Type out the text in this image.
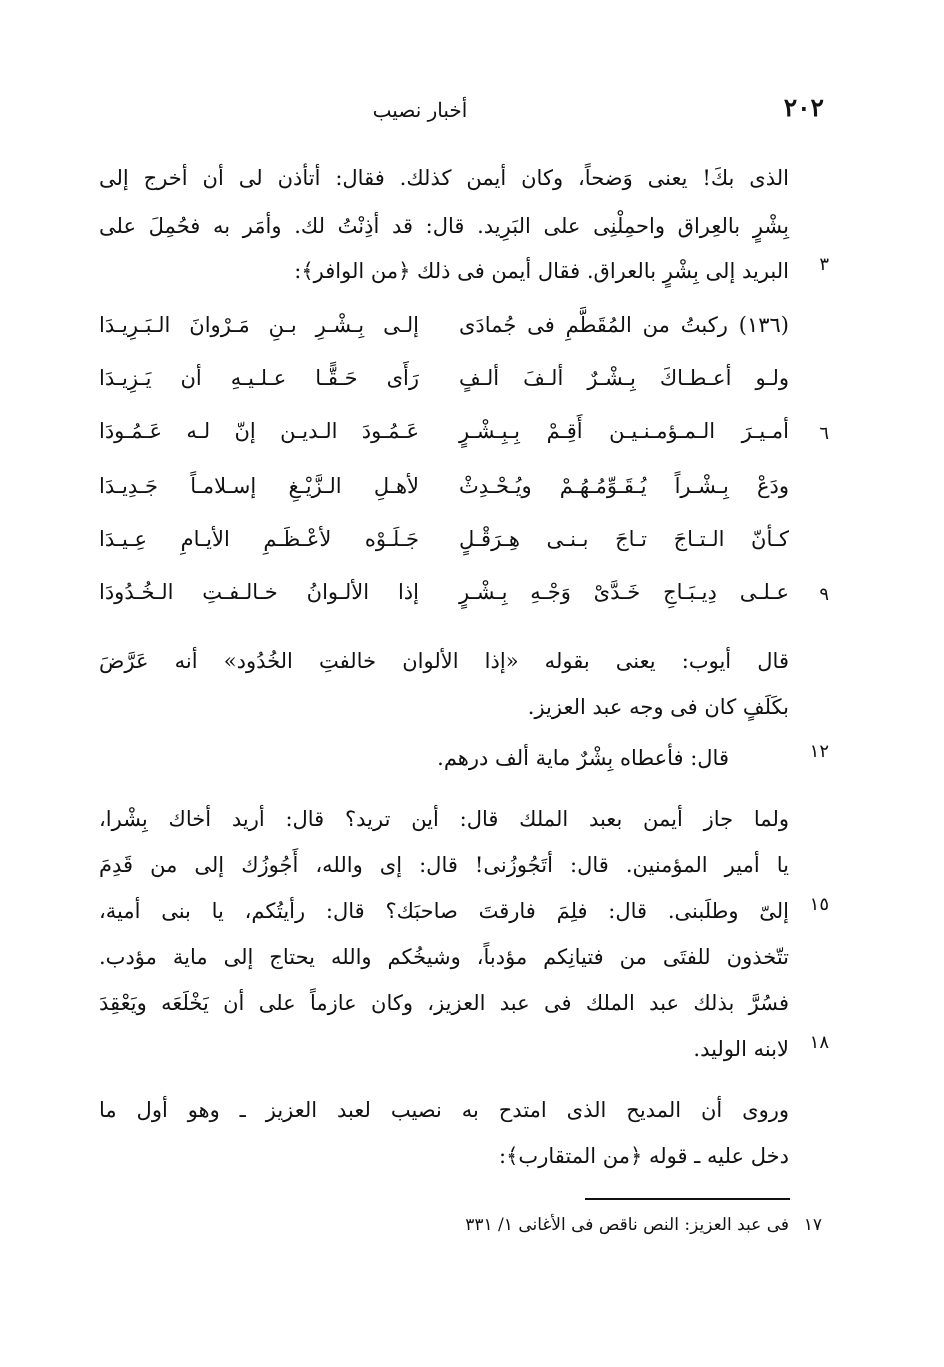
٢٠٢
أخبار نصيب
الذى بكَ! يعنى وَضحاً، وكان أيمن كذلك. فقال: أتأذن لى أن أخرج إلى
بِشْرٍ بالعِراق واحمِلْنِى على البَرِيد. قال: قد أذِنْتُ لك. وأمَر به فحُمِلَ على
البريد إلى بِشْرٍ بالعراق. فقال أيمن فى ذلك ﴿من الوافر﴾: ٣
(١٣٦) ركبتُ من المُقَطَّمِ فى جُمادَى
إلـى بِـشْـرِ بـنِ مَـرْوانَ الـبَـرِيـدَا
ولـو أعـطـاكَ بِـشْـرٌ ألـفَ ألـفٍ
رَأَى حَـقًّـا عـلـيـهِ أن يَـزِيـدَا
أمـيـرَ الـمـؤمـنـيـن أَقِـمْ بِـبِـشْـرٍ
عَـمُـودَ الـديـن إنّ لـه عَـمُـودَا	٦
ودَعْ بِـشْـراً يُـقَـوِّمُـهُـمْ ويُـحْـدِثْ
لأهـلِ الـزَّيْـغِ إسـلامـاً جَـدِيـدَا
كـأنّ الـتـاجَ تـاجَ بـنـى هِـرَقْـلٍ
جَـلَـوْه لأعْـظَـمِ الأيـامِ عِـيـدَا
عـلـى دِيـبَـاجِ خَـدَّىْ وَجْـهِ بِـشْـرٍ
إذا الألـوانُ خـالـفـتِ الـخُـدُودَا	٩
قال أيوب: يعنى بقوله «إذا الألوان خالفتِ الخُدُود» أنه عَرَّضَ
بكَلَفٍ كان فى وجه عبد العزيز.
قال: فأعطاه بِشْرٌ ماية ألف درهم.	١٢
ولما جاز أيمن بعبد الملك قال: أين تريد؟ قال: أريد أخاك بِشْرا،
يا أمير المؤمنين. قال: أتَجُوزُنى! قال: إى والله، أَجُوزُك إلى من قَدِمَ
إلىّ وطلَبنى. قال: فلِمَ فارقتَ صاحبَك؟ قال: رأيتُكم، يا بنى أمية، ١٥
تتّخذون للفتَى من فتيانِكم مؤدباً، وشيخُكم والله يحتاج إلى ماية مؤدب.
فسُرَّ بذلك عبد الملك فى عبد العزيز، وكان عازماً على أن يَخْلَعَه ويَعْقِدَ
لابنه الوليد. ١٨
وروى أن المديح الذى امتدح به نصيب لعبد العزيز ـ وهو أول ما
دخل عليه ـ قوله ﴿من المتقارب﴾:
١٧
فى عبد العزيز: النص ناقص فى الأغانى ١/ ٣٣١
